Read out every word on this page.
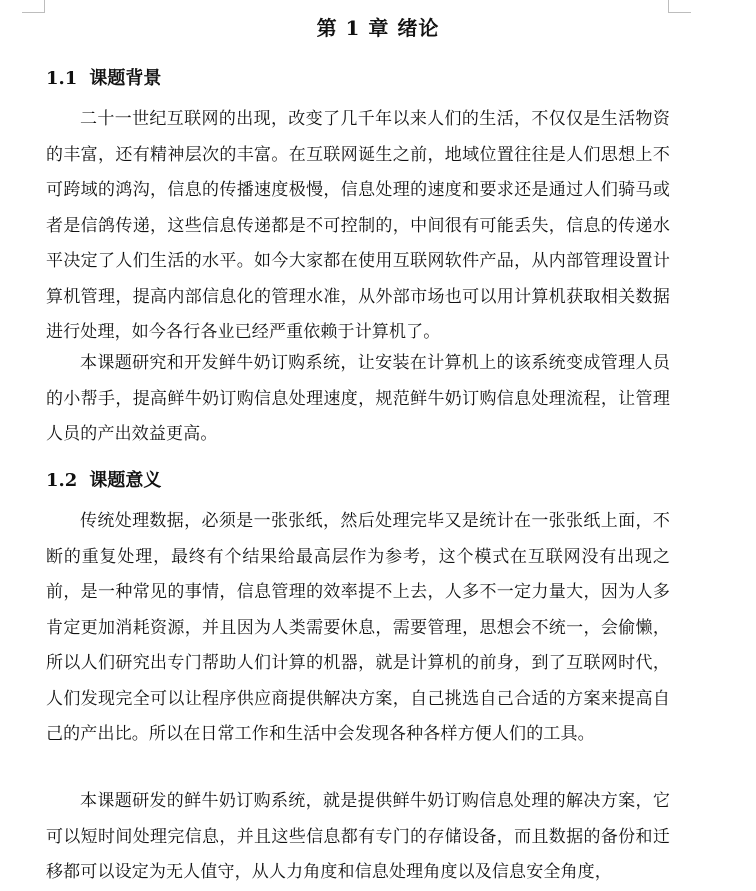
第 1 章 绪论
1.1 课题背景

二十一世纪互联网的出现，改变了几千年以来人们的生活，不仅仅是生活物资的丰富，还有精神层次的丰富。在互联网诞生之前，地域位置往往是人们思想上不可跨域的鸿沟，信息的传播速度极慢，信息处理的速度和要求还是通过人们骑马或者是信鸽传递，这些信息传递都是不可控制的，中间很有可能丢失，信息的传递水平决定了人们生活的水平。如今大家都在使用互联网软件产品，从内部管理设置计算机管理，提高内部信息化的管理水准，从外部市场也可以用计算机获取相关数据进行处理，如今各行各业已经严重依赖于计算机了。

本课题研究和开发鲜牛奶订购系统，让安装在计算机上的该系统变成管理人员的小帮手，提高鲜牛奶订购信息处理速度，规范鲜牛奶订购信息处理流程，让管理人员的产出效益更高。

1.2 课题意义

传统处理数据，必须是一张张纸，然后处理完毕又是统计在一张张纸上面，不断的重复处理，最终有个结果给最高层作为参考，这个模式在互联网没有出现之前，是一种常见的事情，信息管理的效率提不上去，人多不一定力量大，因为人多肯定更加消耗资源，并且因为人类需要休息，需要管理，思想会不统一，会偷懒，所以人们研究出专门帮助人们计算的机器，就是计算机的前身，到了互联网时代，人们发现完全可以让程序供应商提供解决方案，自己挑选自己合适的方案来提高自己的产出比。所以在日常工作和生活中会发现各种各样方便人们的工具。

本课题研发的鲜牛奶订购系统，就是提供鲜牛奶订购信息处理的解决方案，它可以短时间处理完信息，并且这些信息都有专门的存储设备，而且数据的备份和迁移都可以设定为无人值守，从人力角度和信息处理角度以及信息安全角度，
